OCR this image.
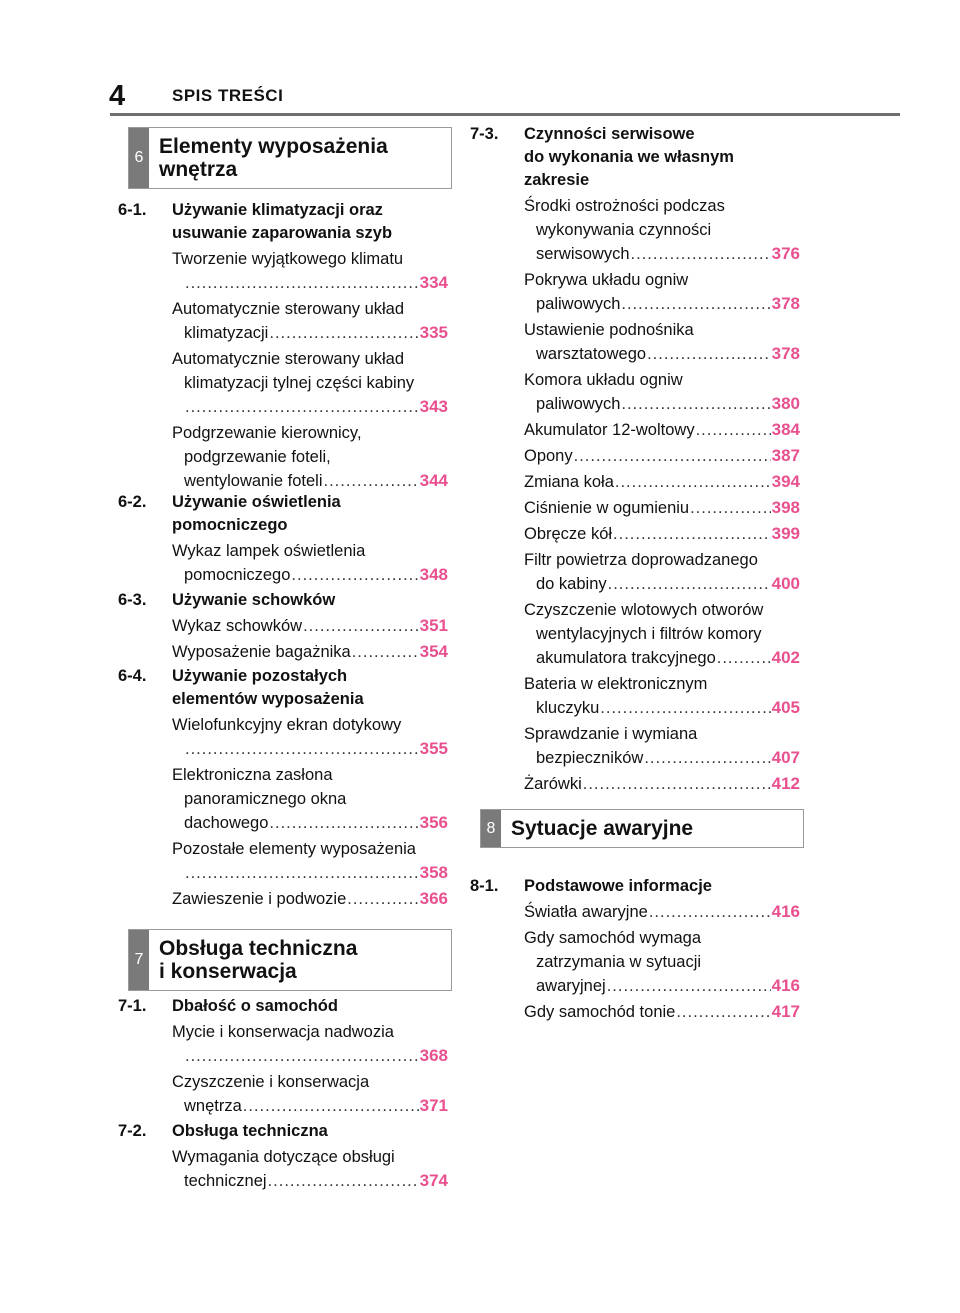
4	SPIS TREŚCI
6 Elementy wyposażenia
wnętrza
6-1.	Używanie klimatyzacji oraz
usuwanie zaparowania szyb
Tworzenie wyjątkowego klimatu
.....
334
Automatycznie sterowany układ
klimatyzacji .....	335
Automatycznie sterowany układ
klimatyzacji tylnej części kabiny
.....
343
Podgrzewanie kierownicy,
podgrzewanie foteli,
wentylowanie foteli .....	344
6-2.	Używanie oświetlenia
pomocniczego
Wykaz lampek oświetlenia
pomocniczego .....	348
6-3.	Używanie schowków
Wykaz schowków .....	351
Wyposażenie bagażnika .....	354
6-4.	Używanie pozostałych
elementów wyposażenia
Wielofunkcyjny ekran dotykowy
.....
355
Elektroniczna zasłona
panoramicznego okna
dachowego .....	356
Pozostałe elementy wyposażenia
.....
358
Zawieszenie i podwozie .....	366
7 Obsługa techniczna
i konserwacja
7-1.	Dbałość o samochód
Mycie i konserwacja nadwozia
.....
368
Czyszczenie i konserwacja
wnętrza .....	371
7-2.	Obsługa techniczna
Wymagania dotyczące obsługi
technicznej .....	374
7-3.	Czynności serwisowe
do wykonania we własnym
zakresie
Środki ostrożności podczas
wykonywania czynności
serwisowych .....	376
Pokrywa układu ogniw
paliwowych .....	378
Ustawienie podnośnika
warsztatowego .....	378
Komora układu ogniw
paliwowych .....	380
Akumulator 12-woltowy .....	384
Opony .....	387
Zmiana koła .....	394
Ciśnienie w ogumieniu .....	398
Obręcze kół .....	399
Filtr powietrza doprowadzanego
do kabiny .....	400
Czyszczenie wlotowych otworów
wentylacyjnych i filtrów komory
akumulatora trakcyjnego .....	402
Bateria w elektronicznym
kluczyku .....	405
Sprawdzanie i wymiana
bezpieczników .....	407
Żarówki .....	412
8 Sytuacje awaryjne
8-1.	Podstawowe informacje
Światła awaryjne .....	416
Gdy samochód wymaga
zatrzymania w sytuacji
awaryjnej .....	416
Gdy samochód tonie .....	417
